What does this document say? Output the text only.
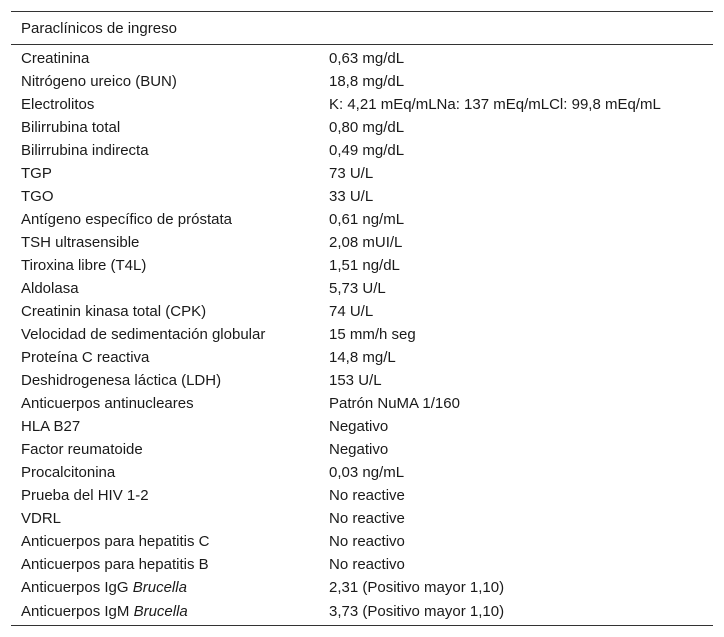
Paraclínicos de ingreso	
Creatinina	0,63 mg/dL
Nitrógeno ureico (BUN)	18,8 mg/dL
Electrolitos	K: 4,21 mEq/mLNa: 137 mEq/mLCl: 99,8 mEq/mL
Bilirrubina total	0,80 mg/dL
Bilirrubina indirecta	0,49 mg/dL
TGP	73 U/L
TGO	33 U/L
Antígeno específico de próstata	0,61 ng/mL
TSH ultrasensible	2,08 mUI/L
Tiroxina libre (T4L)	1,51 ng/dL
Aldolasa	5,73 U/L
Creatinin kinasa total (CPK)	74 U/L
Velocidad de sedimentación globular	15 mm/h seg
Proteína C reactiva	14,8 mg/L
Deshidrogenesa láctica (LDH)	153 U/L
Anticuerpos antinucleares	Patrón NuMA 1/160
HLA B27	Negativo
Factor reumatoide	Negativo
Procalcitonina	0,03 ng/mL
Prueba del HIV 1-2	No reactive
VDRL	No reactive
Anticuerpos para hepatitis C	No reactivo
Anticuerpos para hepatitis B	No reactivo
Anticuerpos IgG Brucella	2,31 (Positivo mayor 1,10)
Anticuerpos IgM Brucella	3,73 (Positivo mayor 1,10)
